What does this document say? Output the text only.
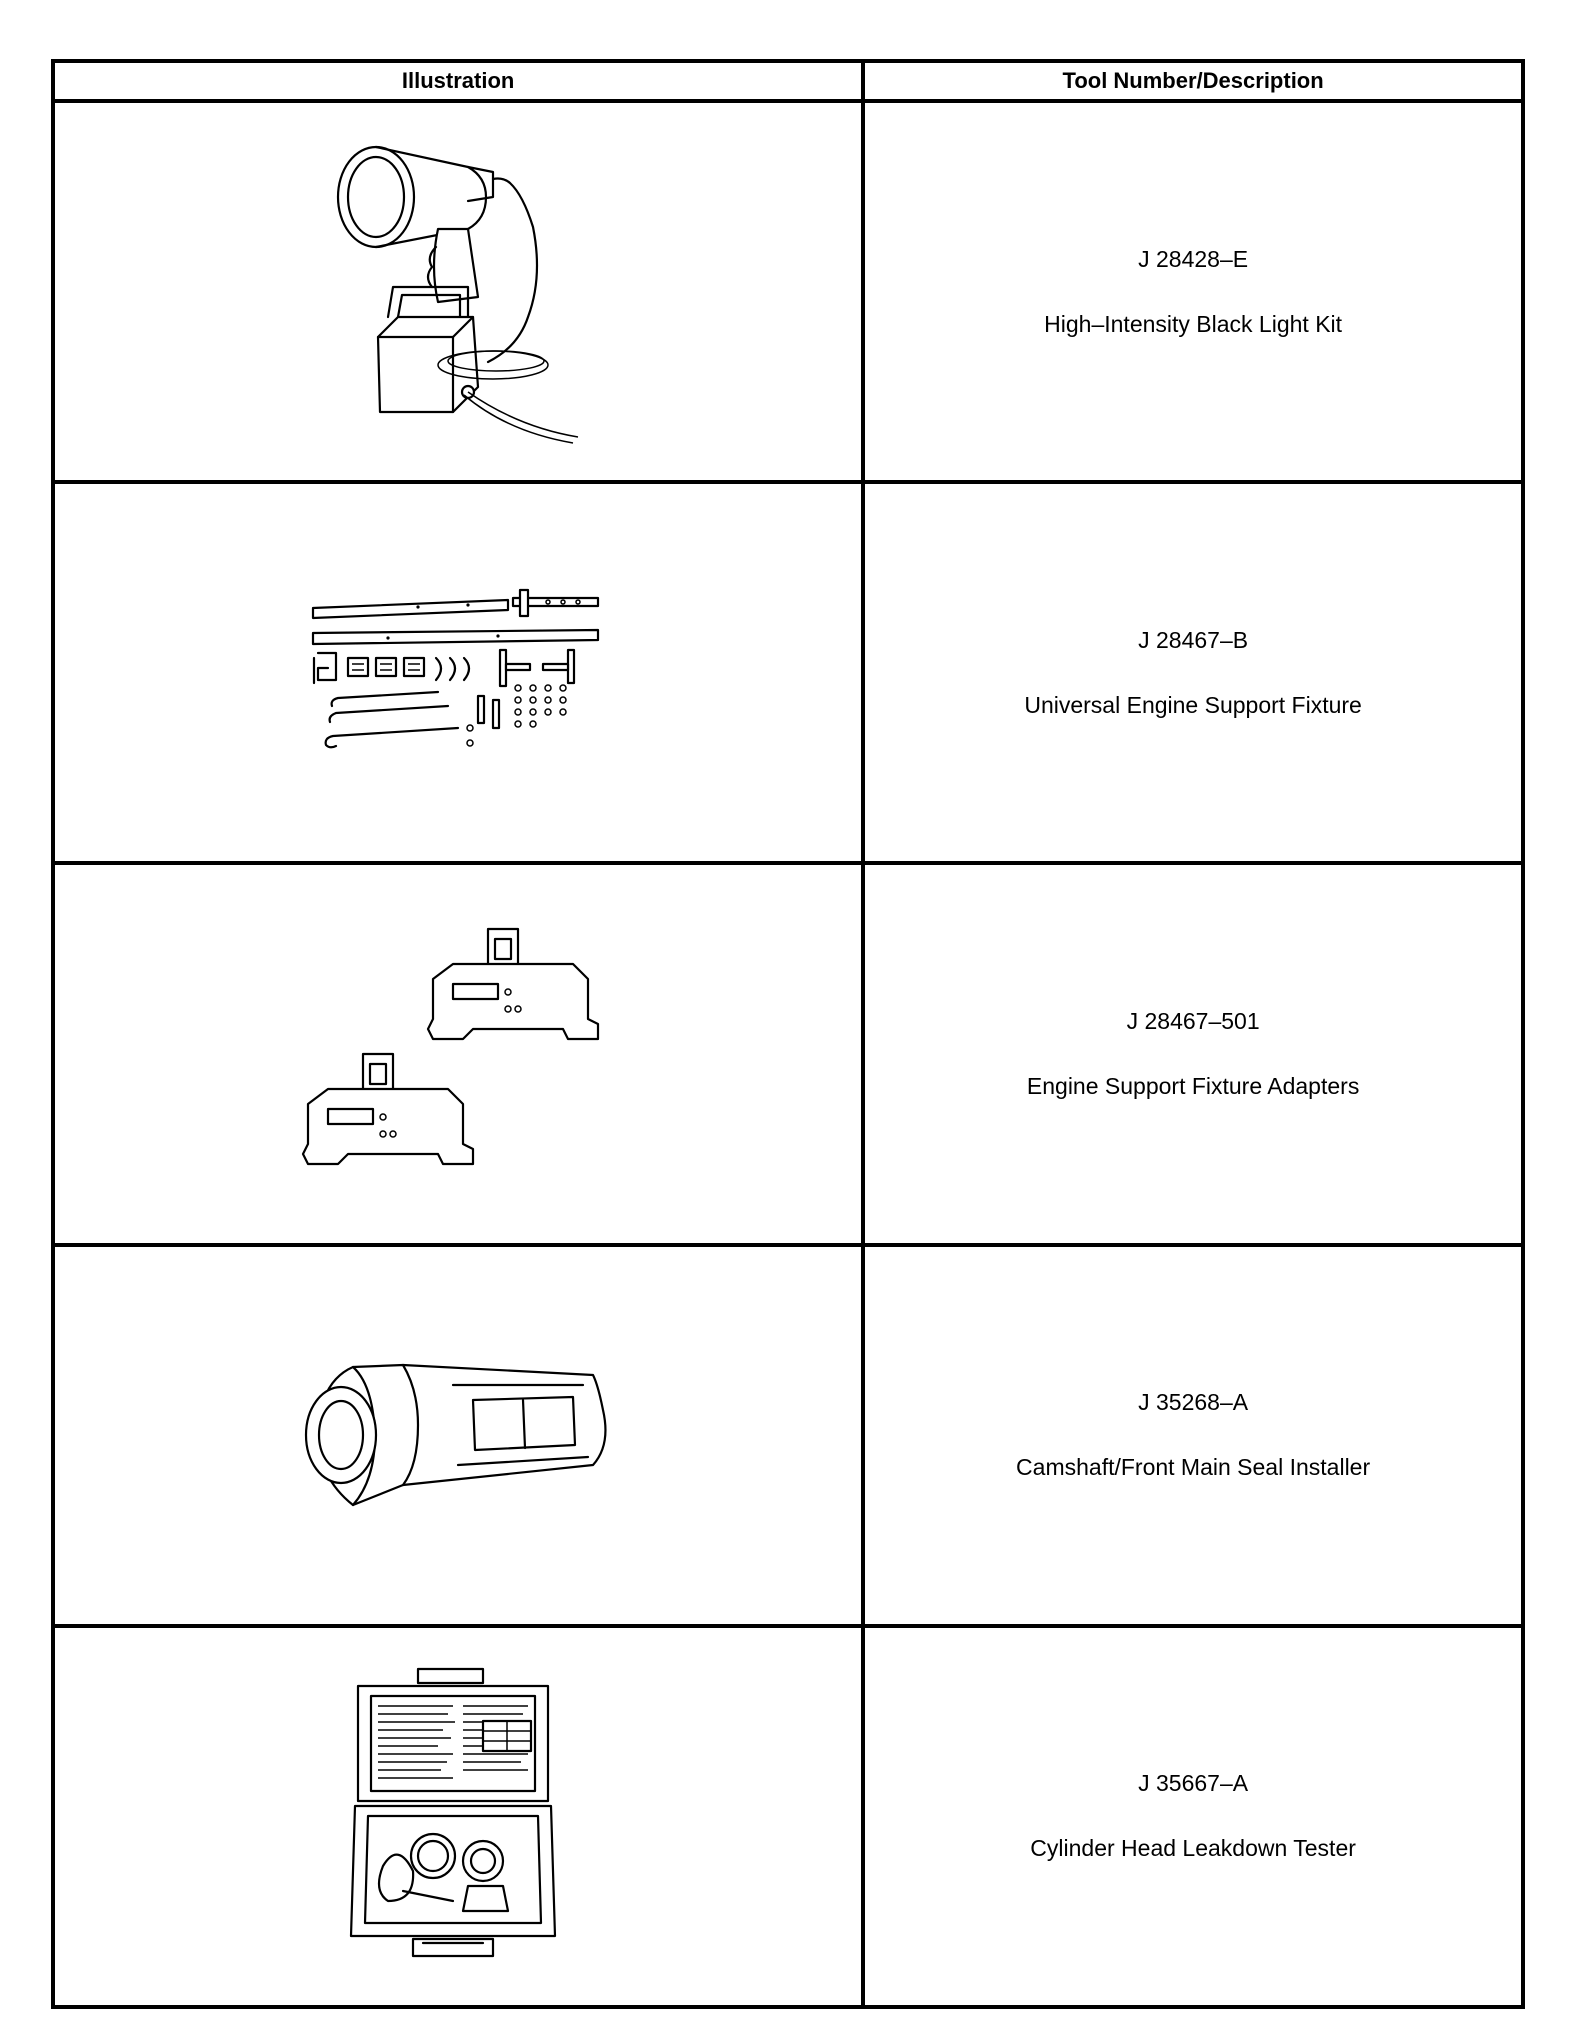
Illustration	Tool Number/Description

J 28428–E
High–Intensity Black Light Kit

J 28467–B
Universal Engine Support Fixture

J 28467–501
Engine Support Fixture Adapters

J 35268–A
Camshaft/Front Main Seal Installer

J 35667–A
Cylinder Head Leakdown Tester
